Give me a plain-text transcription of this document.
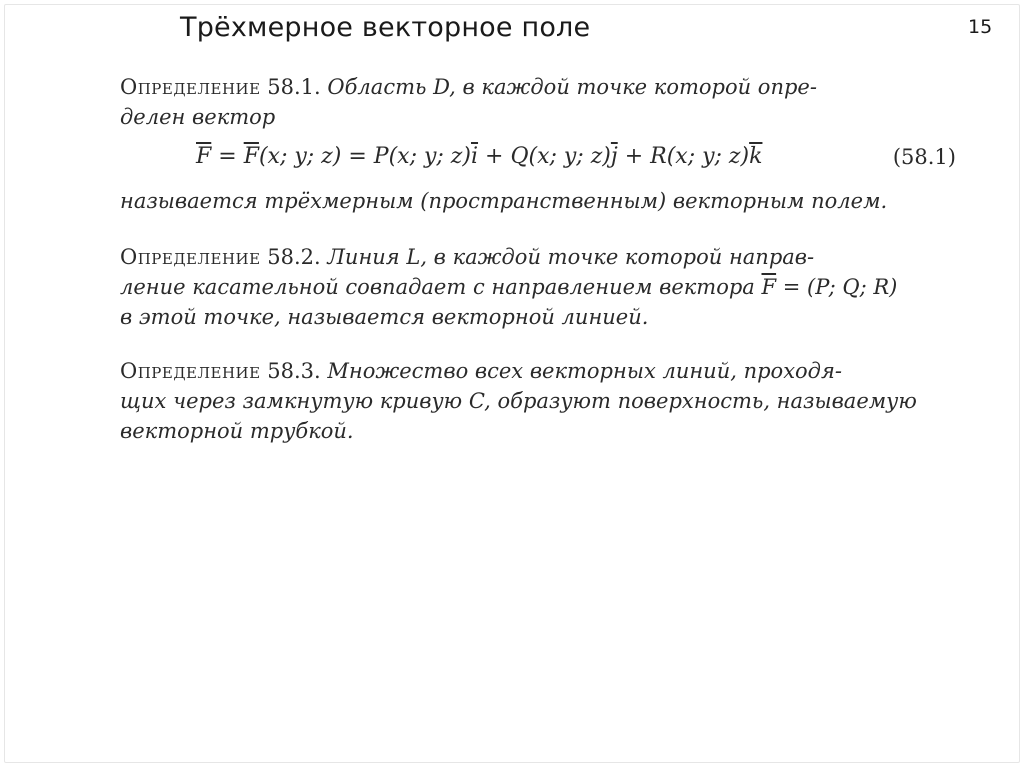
Трёхмерное векторное поле	15
Определение 58.1. Область D, в каждой точке которой опре-
делен вектор
$\overline{F} = \overline{F}(x$; y; z) = P(x; y; $z)\overline{i} + Q(x$; y; $z)\overline{j} + R(x$; y; $z)\overline{k}$	(58.1)
называется трёхмерным (пространственным) векторным полем.
Определение 58.2. Линия L, в каждой точке которой направ-
ление касательной совпадает с направлением вектора $\overline{F} = (P$; Q; R)
в этой точке, называется векторной линией.
Определение 58.3. Множество всех векторных линий, проходя-
щих через замкнутую кривую C, образуют поверхность, называемую
векторной трубкой.
